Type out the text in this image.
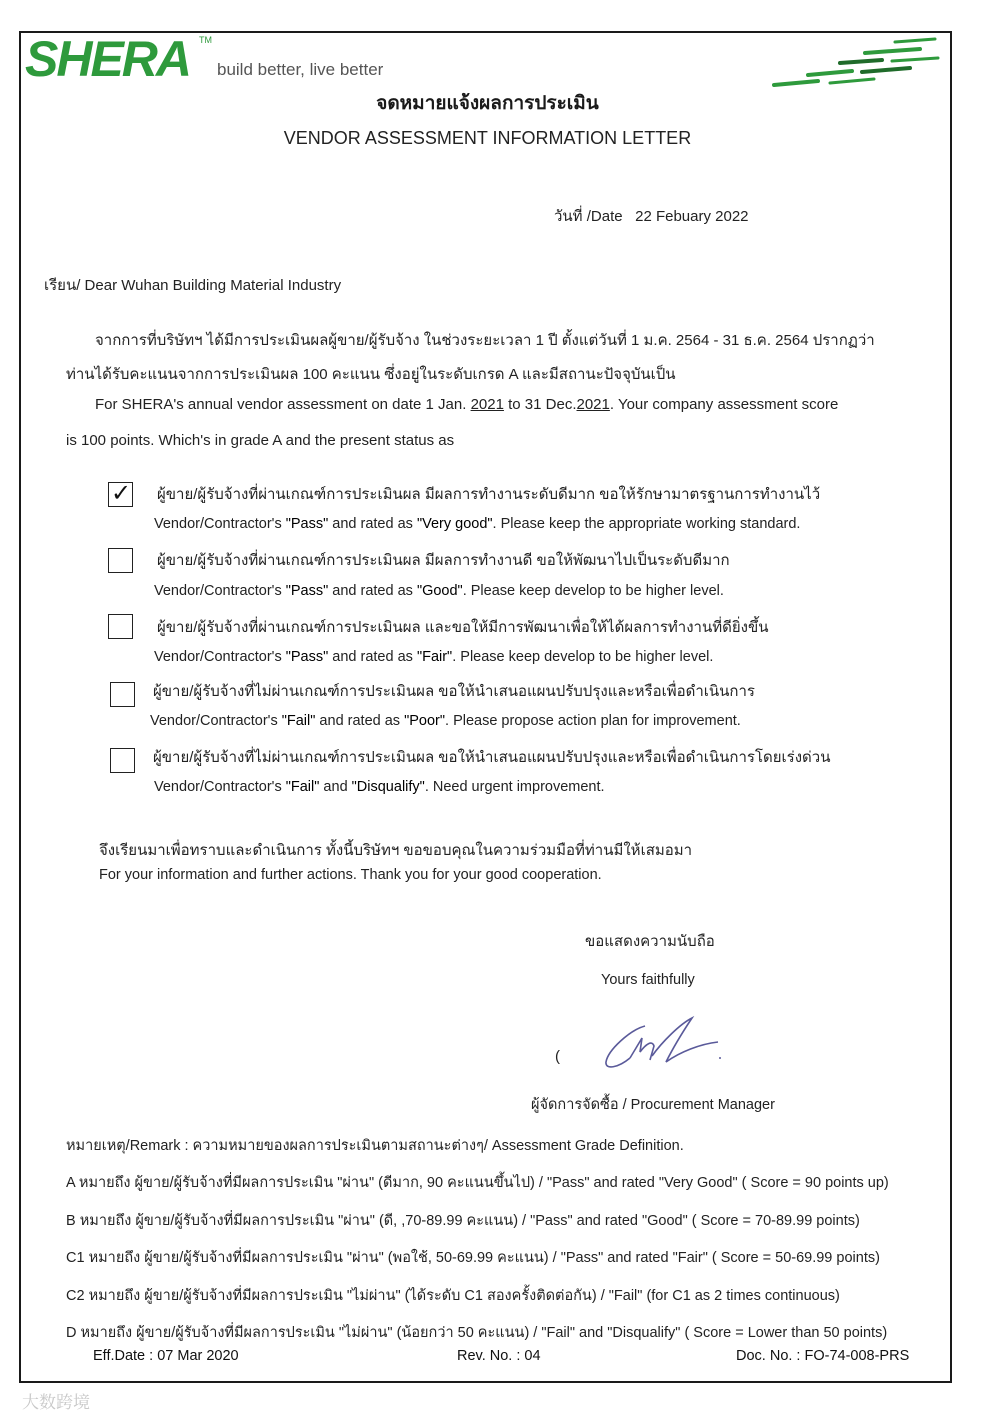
SHERA TM
build better, live better
จดหมายแจ้งผลการประเมิน
VENDOR ASSESSMENT INFORMATION LETTER
วันที่ /Date 22 Febuary 2022
เรียน/ Dear Wuhan Building Material Industry
จากการที่บริษัทฯ ได้มีการประเมินผลผู้ขาย/ผู้รับจ้าง ในช่วงระยะเวลา 1 ปี ตั้งแต่วันที่ 1 ม.ค. 2564 - 31 ธ.ค. 2564 ปรากฏว่า
ท่านได้รับคะแนนจากการประเมินผล 100 คะแนน ซึ่งอยู่ในระดับเกรด A และมีสถานะปัจจุบันเป็น
For SHERA's annual vendor assessment on date 1 Jan. 2021 to 31 Dec.2021. Your company assessment score
is 100 points. Which's in grade A and the present status as
✓ ผู้ขาย/ผู้รับจ้างที่ผ่านเกณฑ์การประเมินผล มีผลการทำงานระดับดีมาก ขอให้รักษามาตรฐานการทำงานไว้
Vendor/Contractor's "Pass" and rated as "Very good". Please keep the appropriate working standard.
ผู้ขาย/ผู้รับจ้างที่ผ่านเกณฑ์การประเมินผล มีผลการทำงานดี ขอให้พัฒนาไปเป็นระดับดีมาก
Vendor/Contractor's "Pass" and rated as "Good". Please keep develop to be higher level.
ผู้ขาย/ผู้รับจ้างที่ผ่านเกณฑ์การประเมินผล และขอให้มีการพัฒนาเพื่อให้ได้ผลการทำงานที่ดียิ่งขึ้น
Vendor/Contractor's "Pass" and rated as "Fair". Please keep develop to be higher level.
ผู้ขาย/ผู้รับจ้างที่ไม่ผ่านเกณฑ์การประเมินผล ขอให้นำเสนอแผนปรับปรุงและหรือเพื่อดำเนินการ
Vendor/Contractor's "Fail" and rated as "Poor". Please propose action plan for improvement.
ผู้ขาย/ผู้รับจ้างที่ไม่ผ่านเกณฑ์การประเมินผล ขอให้นำเสนอแผนปรับปรุงและหรือเพื่อดำเนินการโดยเร่งด่วน
Vendor/Contractor's "Fail" and "Disqualify". Need urgent improvement.
จึงเรียนมาเพื่อทราบและดำเนินการ ทั้งนี้บริษัทฯ ขอขอบคุณในความร่วมมือที่ท่านมีให้เสมอมา
For your information and further actions. Thank you for your good cooperation.
ขอแสดงความนับถือ
Yours faithfully
(
ผู้จัดการจัดซื้อ / Procurement Manager
หมายเหตุ/Remark : ความหมายของผลการประเมินตามสถานะต่างๆ/ Assessment Grade Definition.
A หมายถึง ผู้ขาย/ผู้รับจ้างที่มีผลการประเมิน "ผ่าน" (ดีมาก, 90 คะแนนขึ้นไป) / "Pass" and rated "Very Good" ( Score = 90 points up)
B หมายถึง ผู้ขาย/ผู้รับจ้างที่มีผลการประเมิน "ผ่าน" (ดี, ,70-89.99 คะแนน) / "Pass" and rated "Good" ( Score = 70-89.99 points)
C1 หมายถึง ผู้ขาย/ผู้รับจ้างที่มีผลการประเมิน "ผ่าน" (พอใช้, 50-69.99 คะแนน) / "Pass" and rated "Fair" ( Score = 50-69.99 points)
C2 หมายถึง ผู้ขาย/ผู้รับจ้างที่มีผลการประเมิน "ไม่ผ่าน" (ได้ระดับ C1 สองครั้งติดต่อกัน) / "Fail" (for C1 as 2 times continuous)
D หมายถึง ผู้ขาย/ผู้รับจ้างที่มีผลการประเมิน "ไม่ผ่าน" (น้อยกว่า 50 คะแนน) / "Fail" and "Disqualify" ( Score = Lower than 50 points)
Eff.Date : 07 Mar 2020	Rev. No. : 04	Doc. No. : FO-74-008-PRS
大数跨境
